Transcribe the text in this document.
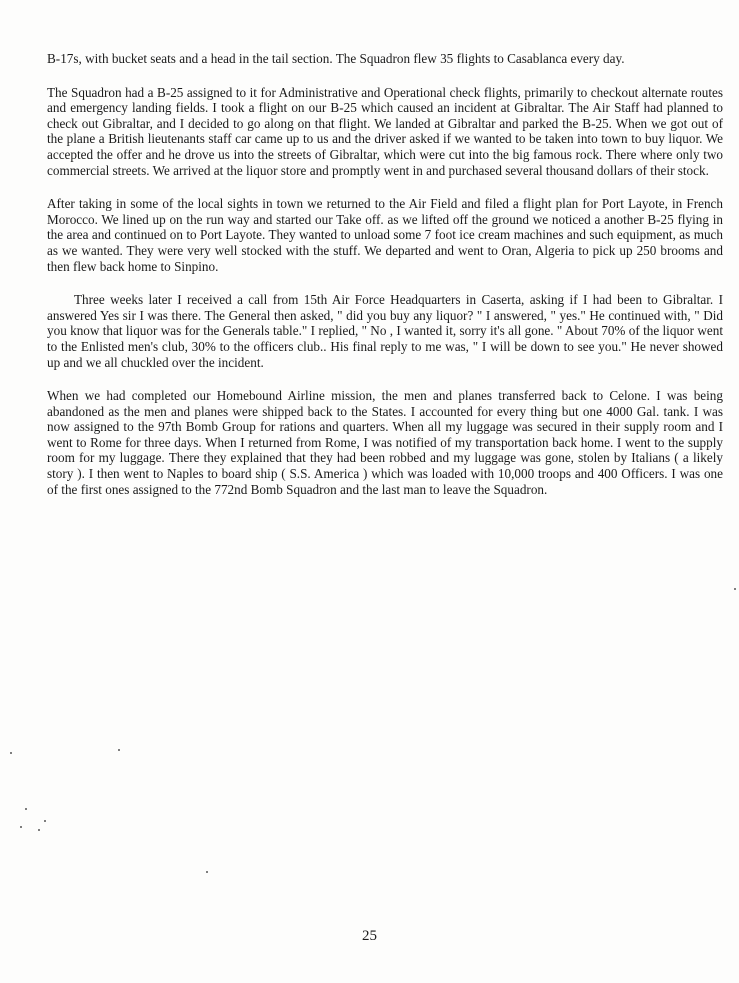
B-17s, with bucket seats and a head in the tail section. The Squadron flew 35 flights to Casablanca every day.

The Squadron had a B-25 assigned to it for Administrative and Operational check flights, primarily to checkout alternate routes and emergency landing fields. I took a flight on our B-25 which caused an incident at Gibraltar. The Air Staff had planned to check out Gibraltar, and I decided to go along on that flight. We landed at Gibraltar and parked the B-25. When we got out of the plane a British lieutenants staff car came up to us and the driver asked if we wanted to be taken into town to buy liquor. We accepted the offer and he drove us into the streets of Gibraltar, which were cut into the big famous rock. There where only two commercial streets. We arrived at the liquor store and promptly went in and purchased several thousand dollars of their stock.

After taking in some of the local sights in town we returned to the Air Field and filed a flight plan for Port Layote, in French Morocco. We lined up on the run way and started our Take off. as we lifted off the ground we noticed a another B-25 flying in the area and continued on to Port Layote. They wanted to unload some 7 foot ice cream machines and such equipment, as much as we wanted. They were very well stocked with the stuff. We departed and went to Oran, Algeria to pick up 250 brooms and then flew back home to Sinpino.

Three weeks later I received a call from 15th Air Force Headquarters in Caserta, asking if I had been to Gibraltar. I answered Yes sir I was there. The General then asked, " did you buy any liquor? " I answered, " yes." He continued with, " Did you know that liquor was for the Generals table." I replied, " No , I wanted it, sorry it's all gone. " About 70% of the liquor went to the Enlisted men's club, 30% to the officers club.. His final reply to me was, " I will be down to see you." He never showed up and we all chuckled over the incident.

When we had completed our Homebound Airline mission, the men and planes transferred back to Celone. I was being abandoned as the men and planes were shipped back to the States. I accounted for every thing but one 4000 Gal. tank. I was now assigned to the 97th Bomb Group for rations and quarters. When all my luggage was secured in their supply room and I went to Rome for three days. When I returned from Rome, I was notified of my transportation back home. I went to the supply room for my luggage. There they explained that they had been robbed and my luggage was gone, stolen by Italians ( a likely story ). I then went to Naples to board ship ( S.S. America ) which was loaded with 10,000 troops and 400 Officers. I was one of the first ones assigned to the 772nd Bomb Squadron and the last man to leave the Squadron.

25
